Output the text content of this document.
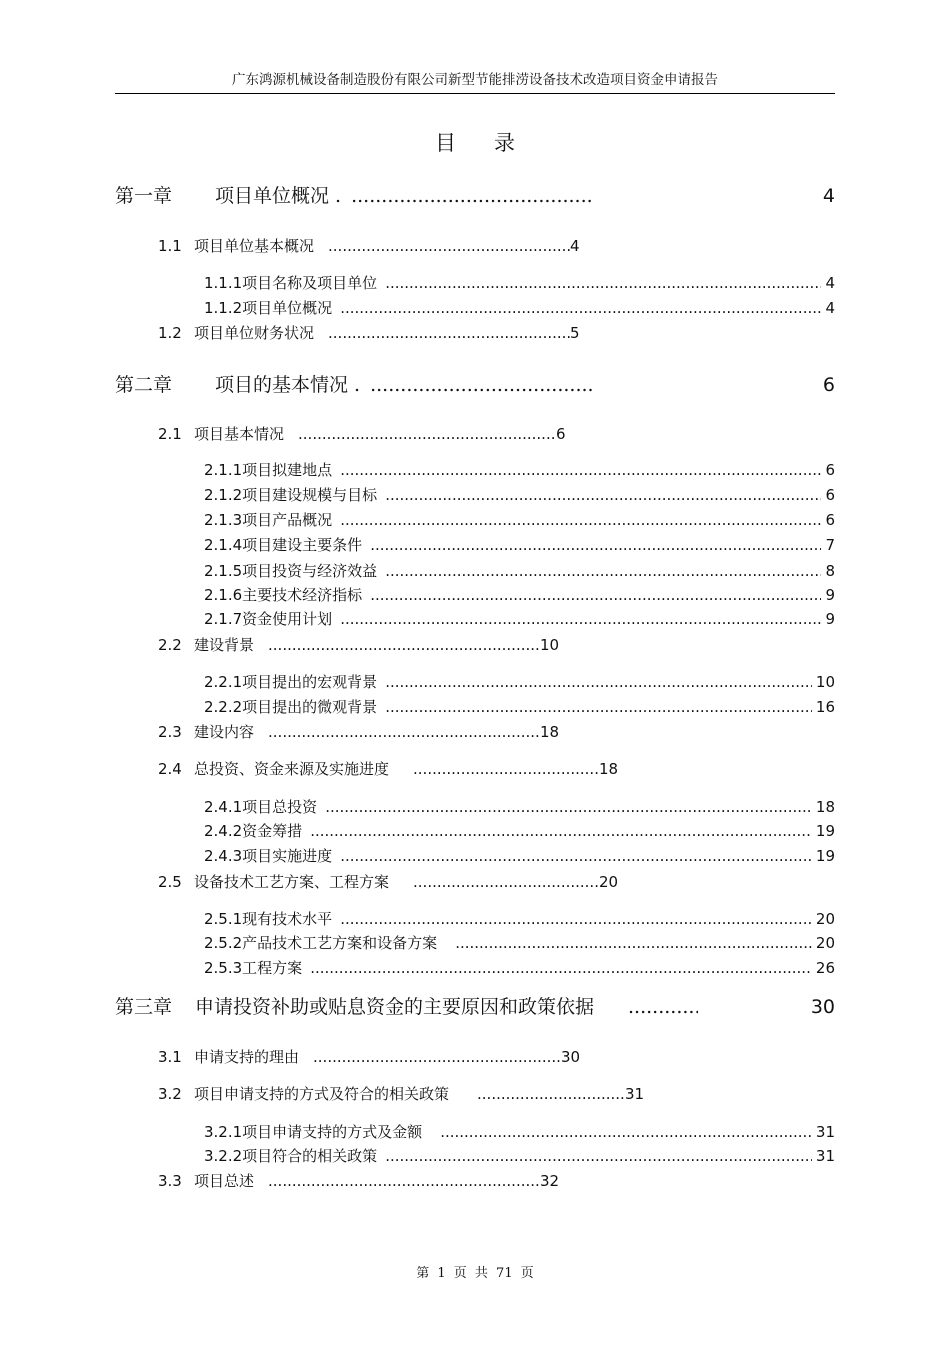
广东鸿源机械设备制造股份有限公司新型节能排涝设备技术改造项目资金申请报告
目录
第一章	项目单位概况 . .....	4
1.1 项目单位基本概况 .....	4
1.1.1 项目名称及项目单位 .....	4
1.1.2 项目单位概况 .....	4
1.2 项目单位财务状况 .....	5
第二章	项目的基本情况 . .....	6
2.1 项目基本情况 .....	6
2.1.1 项目拟建地点 .....	6
2.1.2 项目建设规模与目标 .....	6
2.1.3 项目产品概况 .....	6
2.1.4 项目建设主要条件 .....	7
2.1.5 项目投资与经济效益 .....	8
2.1.6 主要技术经济指标 .....	9
2.1.7 资金使用计划 .....	9
2.2 建设背景 .....	10
2.2.1 项目提出的宏观背景 .....	10
2.2.2 项目提出的微观背景 .....	16
2.3 建设内容 .....	18
2.4 总投资、资金来源及实施进度 .....	18
2.4.1 项目总投资 .....	18
2.4.2 资金筹措 .....	19
2.4.3 项目实施进度 .....	19
2.5 设备技术工艺方案、工程方案 .....	20
2.5.1 现有技术水平 .....	20
2.5.2 产品技术工艺方案和设备方案 .....	20
2.5.3 工程方案 .....	26
第三章	申请投资补助或贴息资金的主要原因和政策依据 .....	30
3.1 申请支持的理由 .....	30
3.2 项目申请支持的方式及符合的相关政策 .....	31
3.2.1 项目申请支持的方式及金额 .....	31
3.2.2 项目符合的相关政策 .....	31
3.3 项目总述 .....	32
第 1 页 共 71 页
